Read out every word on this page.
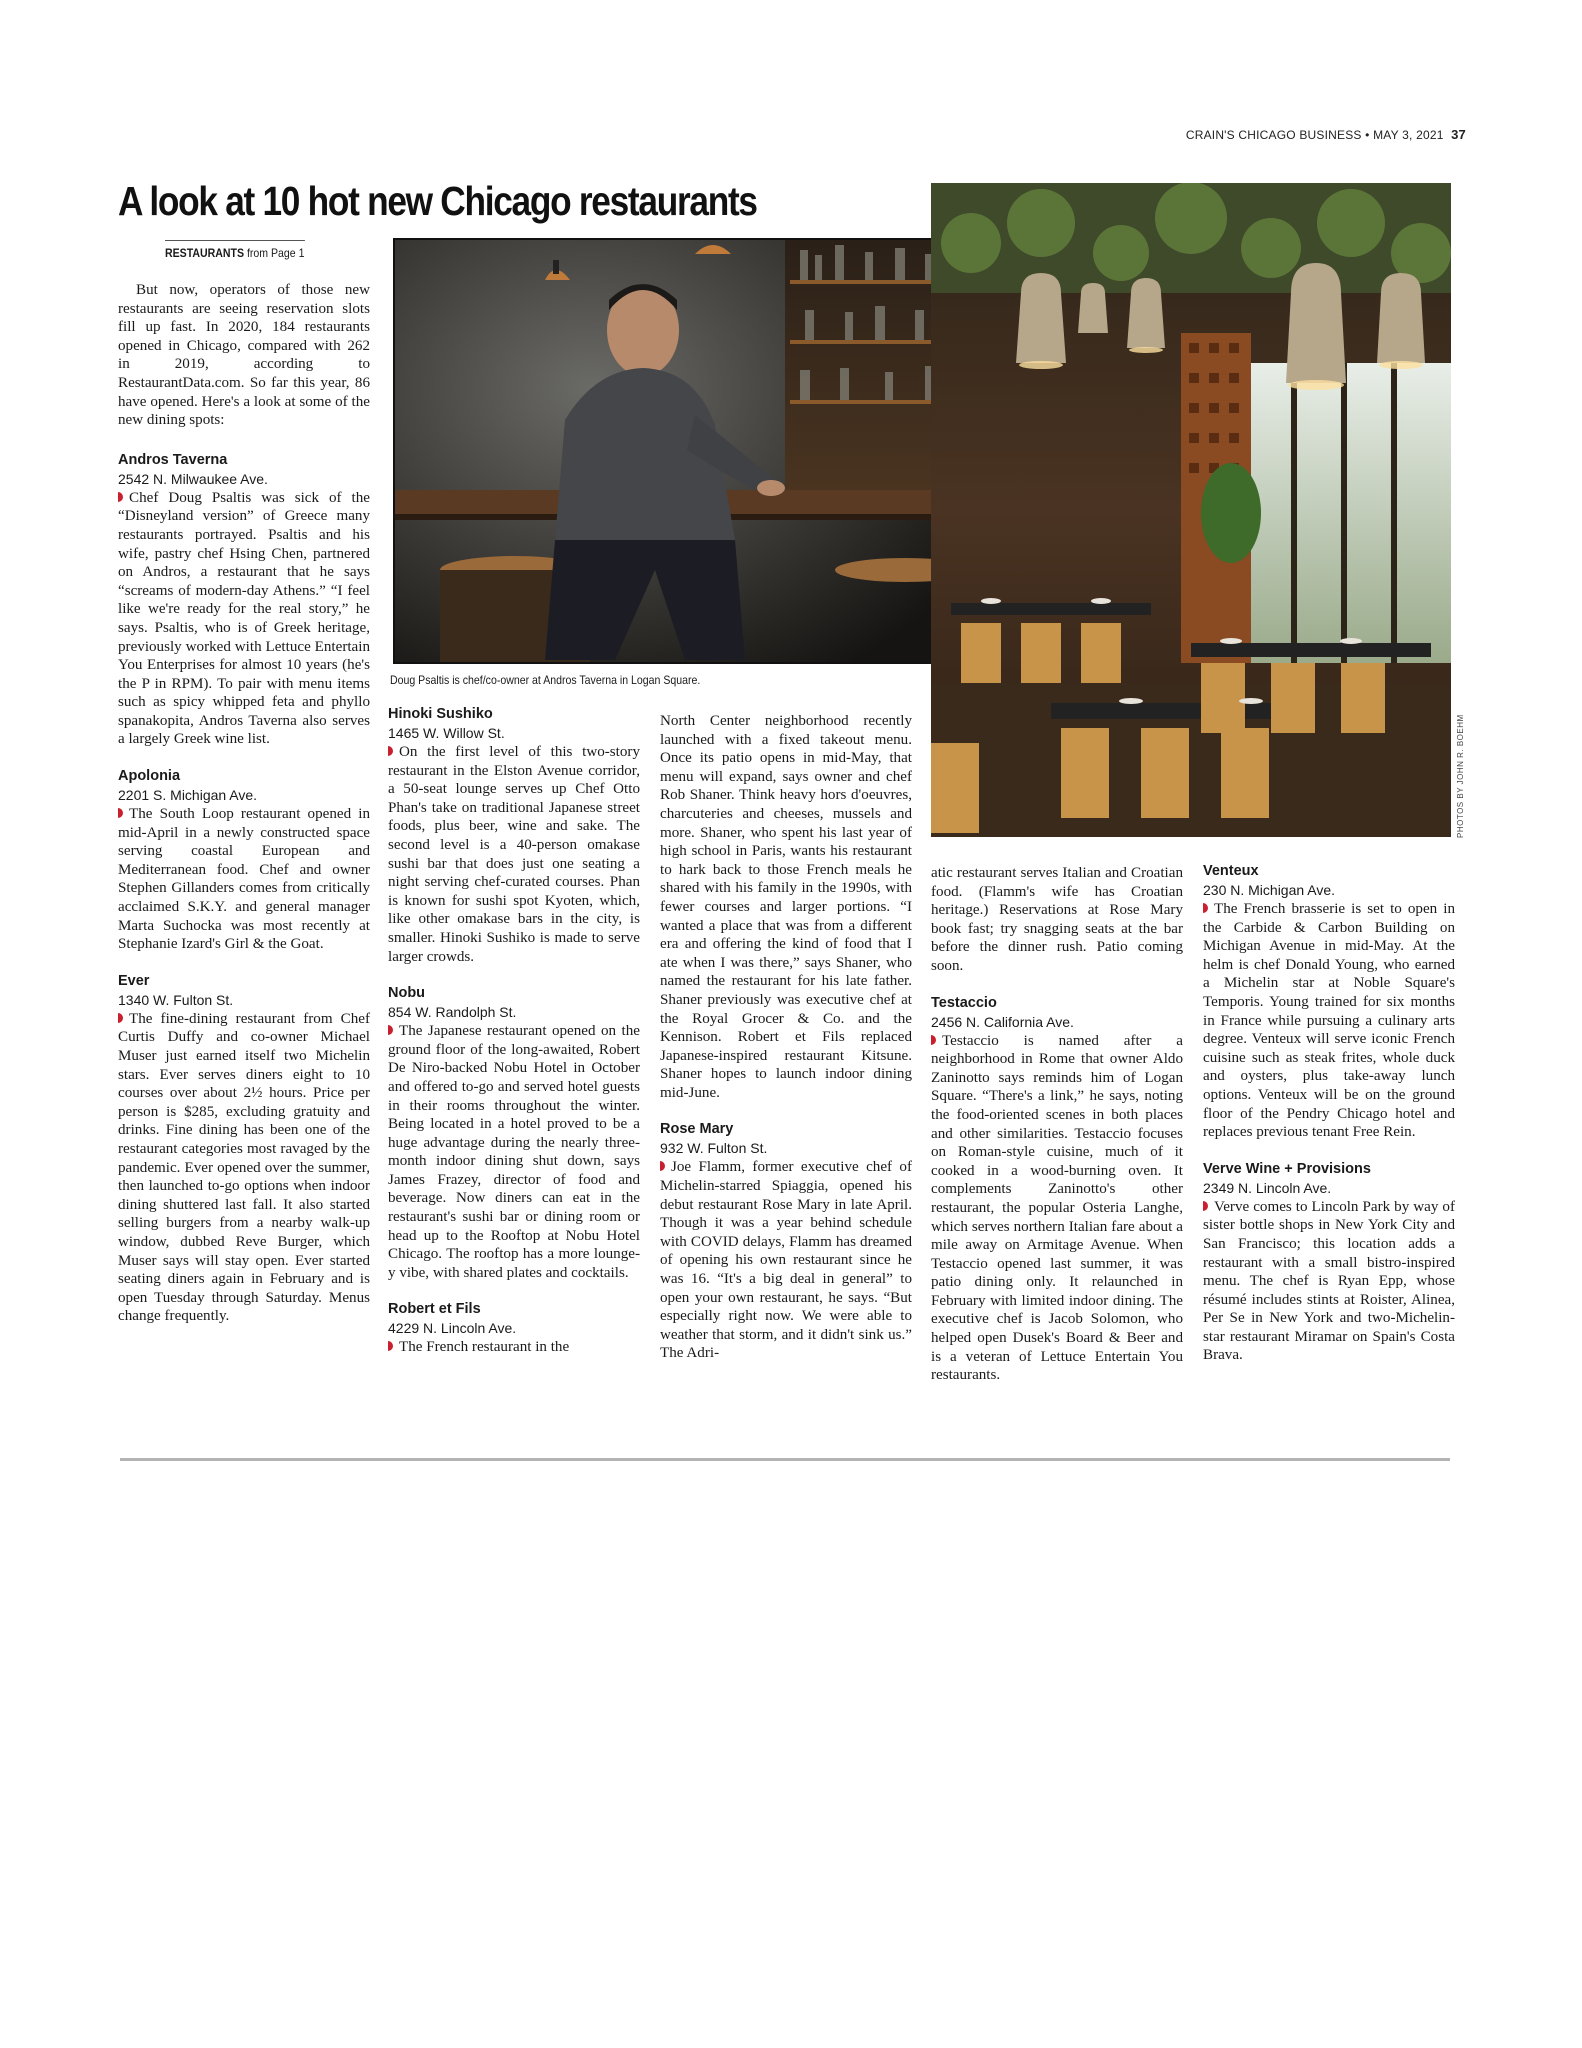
CRAIN'S CHICAGO BUSINESS • MAY 3, 2021 37
A look at 10 hot new Chicago restaurants
RESTAURANTS from Page 1
Doug Psaltis is chef/co-owner at Andros Taverna in Logan Square.
PHOTOS BY JOHN R. BOEHM

But now, operators of those new restaurants are seeing reservation slots fill up fast. In 2020, 184 restaurants opened in Chicago, compared with 262 in 2019, according to RestaurantData.com. So far this year, 86 have opened. Here's a look at some of the new dining spots:

Andros Taverna

2542 N. Milwaukee Ave.

Chef Doug Psaltis was sick of the “Disneyland version” of Greece many restaurants portrayed. Psaltis and his wife, pastry chef Hsing Chen, partnered on Andros, a restaurant that he says “screams of modern-day Athens.” “I feel like we're ready for the real story,” he says. Psaltis, who is of Greek heritage, previously worked with Lettuce Entertain You Enterprises for almost 10 years (he's the P in RPM). To pair with menu items such as spicy whipped feta and phyllo spanakopita, Andros Taverna also serves a largely Greek wine list.

Apolonia

2201 S. Michigan Ave.

The South Loop restaurant opened in mid-April in a newly constructed space serving coastal European and Mediterranean food. Chef and owner Stephen Gillanders comes from critically acclaimed S.K.Y. and general manager Marta Suchocka was most recently at Stephanie Izard's Girl & the Goat.

Ever

1340 W. Fulton St.

The fine-dining restaurant from Chef Curtis Duffy and co-owner Michael Muser just earned itself two Michelin stars. Ever serves diners eight to 10 courses over about 2½ hours. Price per person is $285, excluding gratuity and drinks. Fine dining has been one of the restaurant categories most ravaged by the pandemic. Ever opened over the summer, then launched to-go options when indoor dining shuttered last fall. It also started selling burgers from a nearby walk-up window, dubbed Reve Burger, which Muser says will stay open. Ever started seating diners again in February and is open Tuesday through Saturday. Menus change frequently.

Hinoki Sushiko

1465 W. Willow St.

On the first level of this two-story restaurant in the Elston Avenue corridor, a 50-seat lounge serves up Chef Otto Phan's take on traditional Japanese street foods, plus beer, wine and sake. The second level is a 40-person omakase sushi bar that does just one seating a night serving chef-curated courses. Phan is known for sushi spot Kyoten, which, like other omakase bars in the city, is smaller. Hinoki Sushiko is made to serve larger crowds.

Nobu

854 W. Randolph St.

The Japanese restaurant opened on the ground floor of the long-awaited, Robert De Niro-backed Nobu Hotel in October and offered to-go and served hotel guests in their rooms throughout the winter. Being located in a hotel proved to be a huge advantage during the nearly three-month indoor dining shut down, says James Frazey, director of food and beverage. Now diners can eat in the restaurant's sushi bar or dining room or head up to the Rooftop at Nobu Hotel Chicago. The rooftop has a more lounge-y vibe, with shared plates and cocktails.

Robert et Fils

4229 N. Lincoln Ave.

The French restaurant in the

North Center neighborhood recently launched with a fixed takeout menu. Once its patio opens in mid-May, that menu will expand, says owner and chef Rob Shaner. Think heavy hors d'oeuvres, charcuteries and cheeses, mussels and more. Shaner, who spent his last year of high school in Paris, wants his restaurant to hark back to those French meals he shared with his family in the 1990s, with fewer courses and larger portions. “I wanted a place that was from a different era and offering the kind of food that I ate when I was there,” says Shaner, who named the restaurant for his late father. Shaner previously was executive chef at the Royal Grocer & Co. and the Kennison. Robert et Fils replaced Japanese-inspired restaurant Kitsune. Shaner hopes to launch indoor dining mid-June.

Rose Mary

932 W. Fulton St.

Joe Flamm, former executive chef of Michelin-starred Spiaggia, opened his debut restaurant Rose Mary in late April. Though it was a year behind schedule with COVID delays, Flamm has dreamed of opening his own restaurant since he was 16. “It's a big deal in general” to open your own restaurant, he says. “But especially right now. We were able to weather that storm, and it didn't sink us.” The Adri-

atic restaurant serves Italian and Croatian food. (Flamm's wife has Croatian heritage.) Reservations at Rose Mary book fast; try snagging seats at the bar before the dinner rush. Patio coming soon.

Testaccio

2456 N. California Ave.

Testaccio is named after a neighborhood in Rome that owner Aldo Zaninotto says reminds him of Logan Square. “There's a link,” he says, noting the food-oriented scenes in both places and other similarities. Testaccio focuses on Roman-style cuisine, much of it cooked in a wood-burning oven. It complements Zaninotto's other restaurant, the popular Osteria Langhe, which serves northern Italian fare about a mile away on Armitage Avenue. When Testaccio opened last summer, it was patio dining only. It relaunched in February with limited indoor dining. The executive chef is Jacob Solomon, who helped open Dusek's Board & Beer and is a veteran of Lettuce Entertain You restaurants.

Venteux

230 N. Michigan Ave.

The French brasserie is set to open in the Carbide & Carbon Building on Michigan Avenue in mid-May. At the helm is chef Donald Young, who earned a Michelin star at Noble Square's Temporis. Young trained for six months in France while pursuing a culinary arts degree. Venteux will serve iconic French cuisine such as steak frites, whole duck and oysters, plus take-away lunch options. Venteux will be on the ground floor of the Pendry Chicago hotel and replaces previous tenant Free Rein.

Verve Wine + Provisions

2349 N. Lincoln Ave.

Verve comes to Lincoln Park by way of sister bottle shops in New York City and San Francisco; this location adds a restaurant with a small bistro-inspired menu. The chef is Ryan Epp, whose résumé includes stints at Roister, Alinea, Per Se in New York and two-Michelin-star restaurant Miramar on Spain's Costa Brava.
